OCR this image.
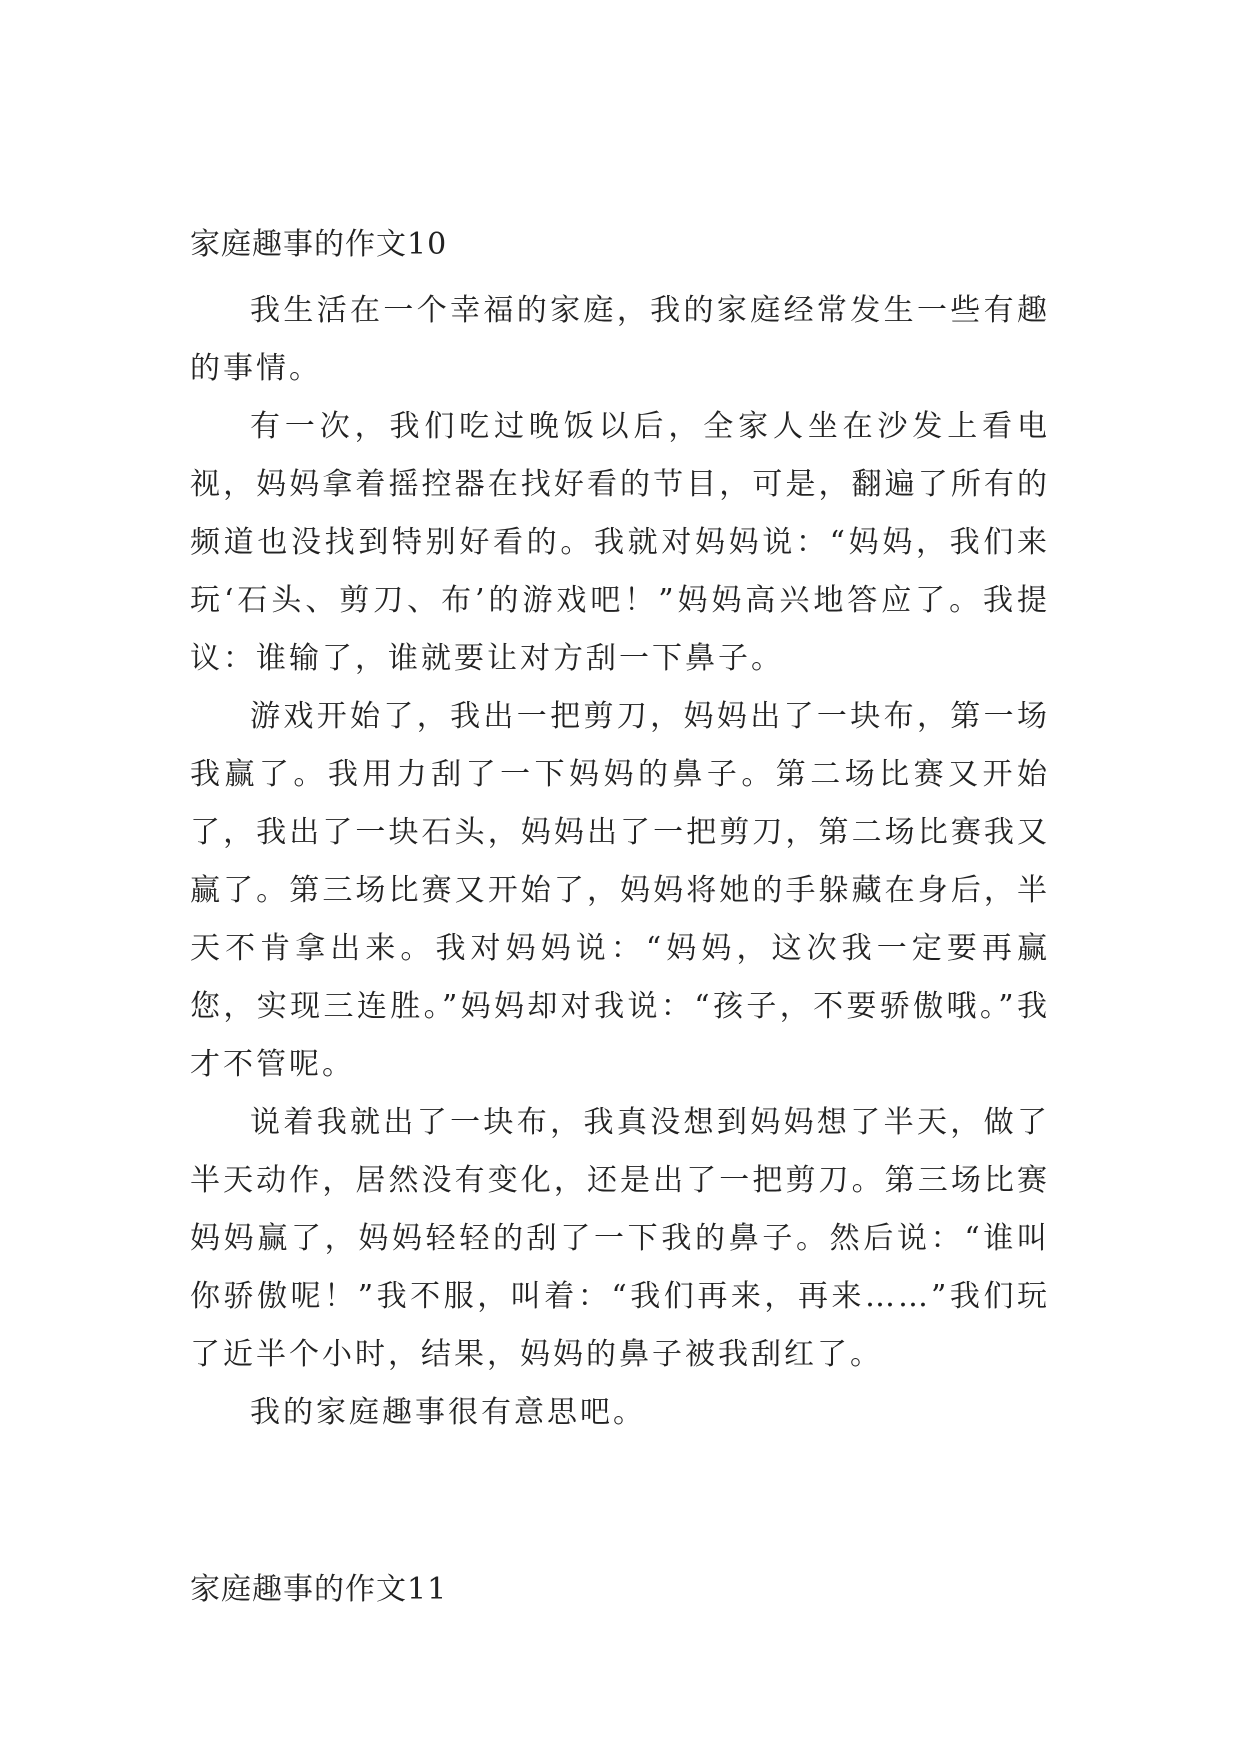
家庭趣事的作文10

我生活在一个幸福的家庭，我的家庭经常发生一些有趣的事情。

有一次，我们吃过晚饭以后，全家人坐在沙发上看电视，妈妈拿着摇控器在找好看的节目，可是，翻遍了所有的频道也没找到特别好看的。我就对妈妈说：“妈妈，我们来玩‘石头、剪刀、布’的游戏吧！”妈妈高兴地答应了。我提议：谁输了，谁就要让对方刮一下鼻子。

游戏开始了，我出一把剪刀，妈妈出了一块布，第一场我赢了。我用力刮了一下妈妈的鼻子。第二场比赛又开始了，我出了一块石头，妈妈出了一把剪刀，第二场比赛我又赢了。第三场比赛又开始了，妈妈将她的手躲藏在身后，半天不肯拿出来。我对妈妈说：“妈妈，这次我一定要再赢您，实现三连胜。”妈妈却对我说：“孩子，不要骄傲哦。”我才不管呢。

说着我就出了一块布，我真没想到妈妈想了半天，做了半天动作，居然没有变化，还是出了一把剪刀。第三场比赛妈妈赢了，妈妈轻轻的刮了一下我的鼻子。然后说：“谁叫你骄傲呢！”我不服，叫着：“我们再来，再来……”我们玩了近半个小时，结果，妈妈的鼻子被我刮红了。

我的家庭趣事很有意思吧。

家庭趣事的作文11
